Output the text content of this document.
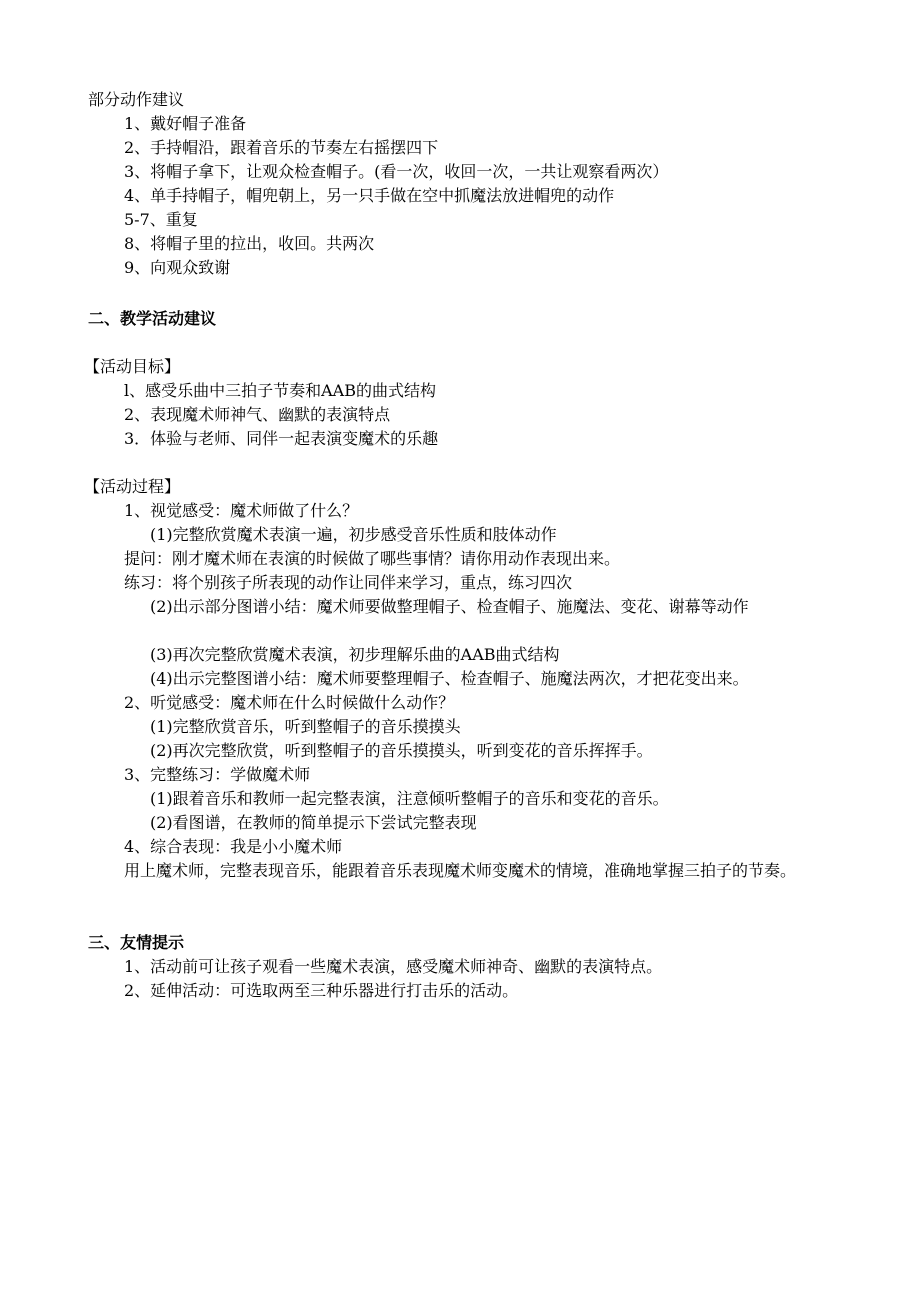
部分动作建议
1、戴好帽子准备
2、手持帽沿，跟着音乐的节奏左右摇摆四下
3、将帽子拿下，让观众检查帽子。(看一次，收回一次，一共让观察看两次）
4、单手持帽子，帽兜朝上，另一只手做在空中抓魔法放进帽兜的动作
5-7、重复
8、将帽子里的拉出，收回。共两次
9、向观众致谢
二、教学活动建议
【活动目标】
l、感受乐曲中三拍子节奏和AAB的曲式结构
2、表现魔术师神气、幽默的表演特点
3．体验与老师、同伴一起表演变魔术的乐趣
【活动过程】
1、视觉感受：魔术师做了什么？
(1)完整欣赏魔术表演一遍，初步感受音乐性质和肢体动作
提问：刚才魔术师在表演的时候做了哪些事情？请你用动作表现出来。
练习：将个别孩子所表现的动作让同伴来学习，重点，练习四次
(2)出示部分图谱小结：魔术师要做整理帽子、检查帽子、施魔法、变花、谢幕等动作
(3)再次完整欣赏魔术表演，初步理解乐曲的AAB曲式结构
(4)出示完整图谱小结：魔术师要整理帽子、检查帽子、施魔法两次，才把花变出来。
2、听觉感受：魔术师在什么时候做什么动作？
(1)完整欣赏音乐，听到整帽子的音乐摸摸头
(2)再次完整欣赏，听到整帽子的音乐摸摸头，听到变花的音乐挥挥手。
3、完整练习：学做魔术师
(1)跟着音乐和教师一起完整表演，注意倾听整帽子的音乐和变花的音乐。
(2)看图谱，在教师的简单提示下尝试完整表现
4、综合表现：我是小小魔术师
用上魔术师，完整表现音乐，能跟着音乐表现魔术师变魔术的情境，准确地掌握三拍子的节奏。
三、友情提示
1、活动前可让孩子观看一些魔术表演，感受魔术师神奇、幽默的表演特点。
2、延伸活动：可选取两至三种乐器进行打击乐的活动。
